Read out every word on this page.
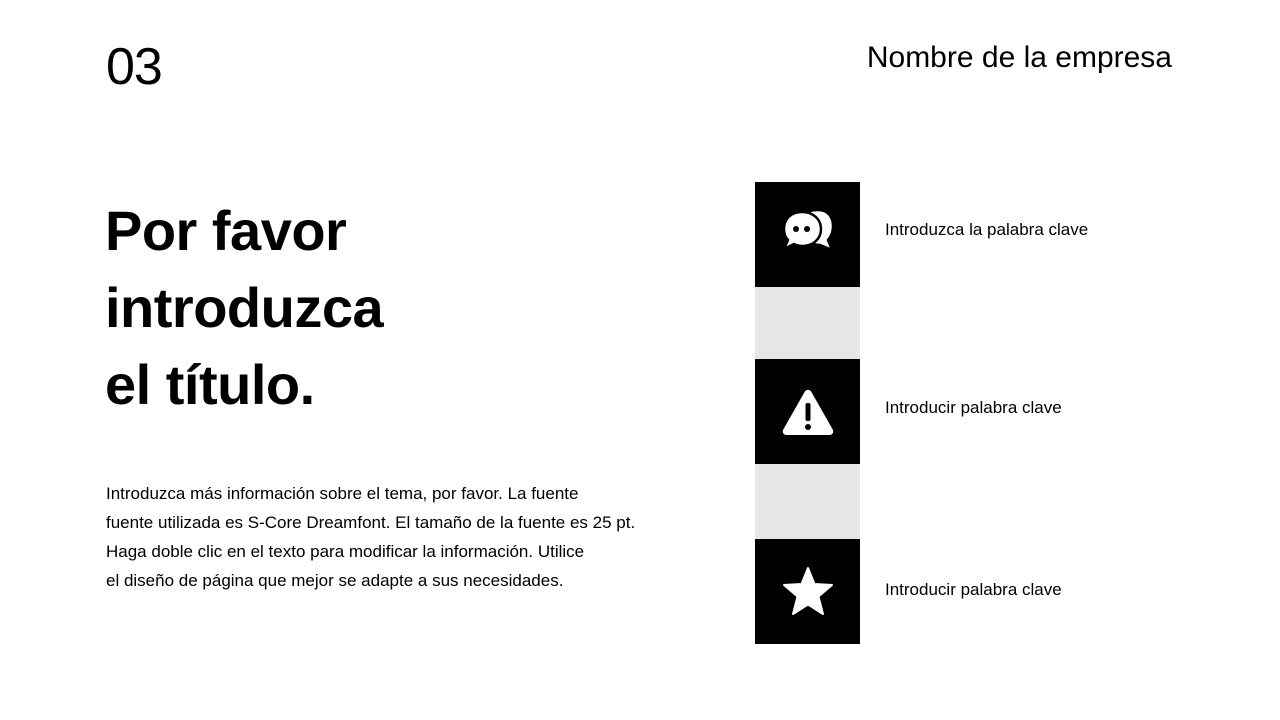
03	Nombre de la empresa
Por favor
introduzca
el título.
Introduzca más información sobre el tema, por favor. La fuente
fuente utilizada es S-Core Dreamfont. El tamaño de la fuente es 25 pt.
Haga doble clic en el texto para modificar la información. Utilice
el diseño de página que mejor se adapte a sus necesidades.
Introduzca la palabra clave
Introducir palabra clave
Introducir palabra clave
